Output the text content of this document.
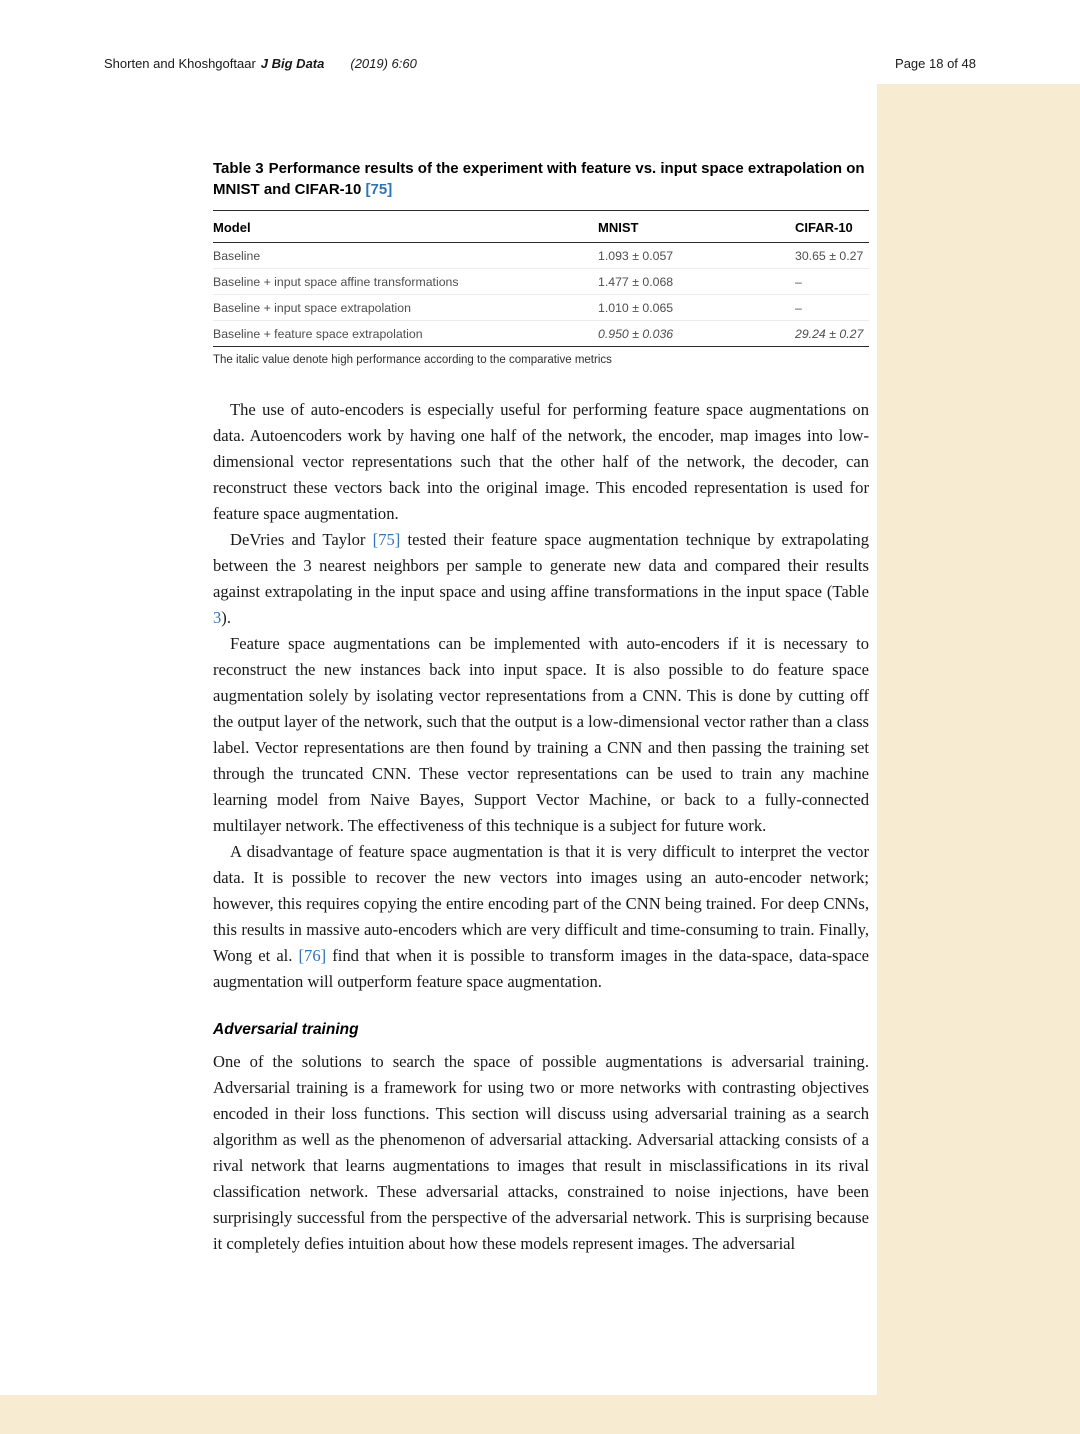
Shorten and Khoshgoftaar J Big Data (2019) 6:60	Page 18 of 48
Table 3 Performance results of the experiment with feature vs. input space extrapolation on MNIST and CIFAR-10 [75]
Model	MNIST	CIFAR-10
Baseline	1.093 ± 0.057	30.65 ± 0.27
Baseline + input space affine transformations	1.477 ± 0.068	–
Baseline + input space extrapolation	1.010 ± 0.065	–
Baseline + feature space extrapolation	0.950 ± 0.036	29.24 ± 0.27
The italic value denote high performance according to the comparative metrics

The use of auto-encoders is especially useful for performing feature space augmentations on data. Autoencoders work by having one half of the network, the encoder, map images into low-dimensional vector representations such that the other half of the network, the decoder, can reconstruct these vectors back into the original image. This encoded representation is used for feature space augmentation.

DeVries and Taylor [75] tested their feature space augmentation technique by extrapolating between the 3 nearest neighbors per sample to generate new data and compared their results against extrapolating in the input space and using affine transformations in the input space (Table 3).

Feature space augmentations can be implemented with auto-encoders if it is necessary to reconstruct the new instances back into input space. It is also possible to do feature space augmentation solely by isolating vector representations from a CNN. This is done by cutting off the output layer of the network, such that the output is a low-dimensional vector rather than a class label. Vector representations are then found by training a CNN and then passing the training set through the truncated CNN. These vector representations can be used to train any machine learning model from Naive Bayes, Support Vector Machine, or back to a fully-connected multilayer network. The effectiveness of this technique is a subject for future work.

A disadvantage of feature space augmentation is that it is very difficult to interpret the vector data. It is possible to recover the new vectors into images using an auto-encoder network; however, this requires copying the entire encoding part of the CNN being trained. For deep CNNs, this results in massive auto-encoders which are very difficult and time-consuming to train. Finally, Wong et al. [76] find that when it is possible to transform images in the data-space, data-space augmentation will outperform feature space augmentation.

Adversarial training

One of the solutions to search the space of possible augmentations is adversarial training. Adversarial training is a framework for using two or more networks with contrasting objectives encoded in their loss functions. This section will discuss using adversarial training as a search algorithm as well as the phenomenon of adversarial attacking. Adversarial attacking consists of a rival network that learns augmentations to images that result in misclassifications in its rival classification network. These adversarial attacks, constrained to noise injections, have been surprisingly successful from the perspective of the adversarial network. This is surprising because it completely defies intuition about how these models represent images. The adversarial
